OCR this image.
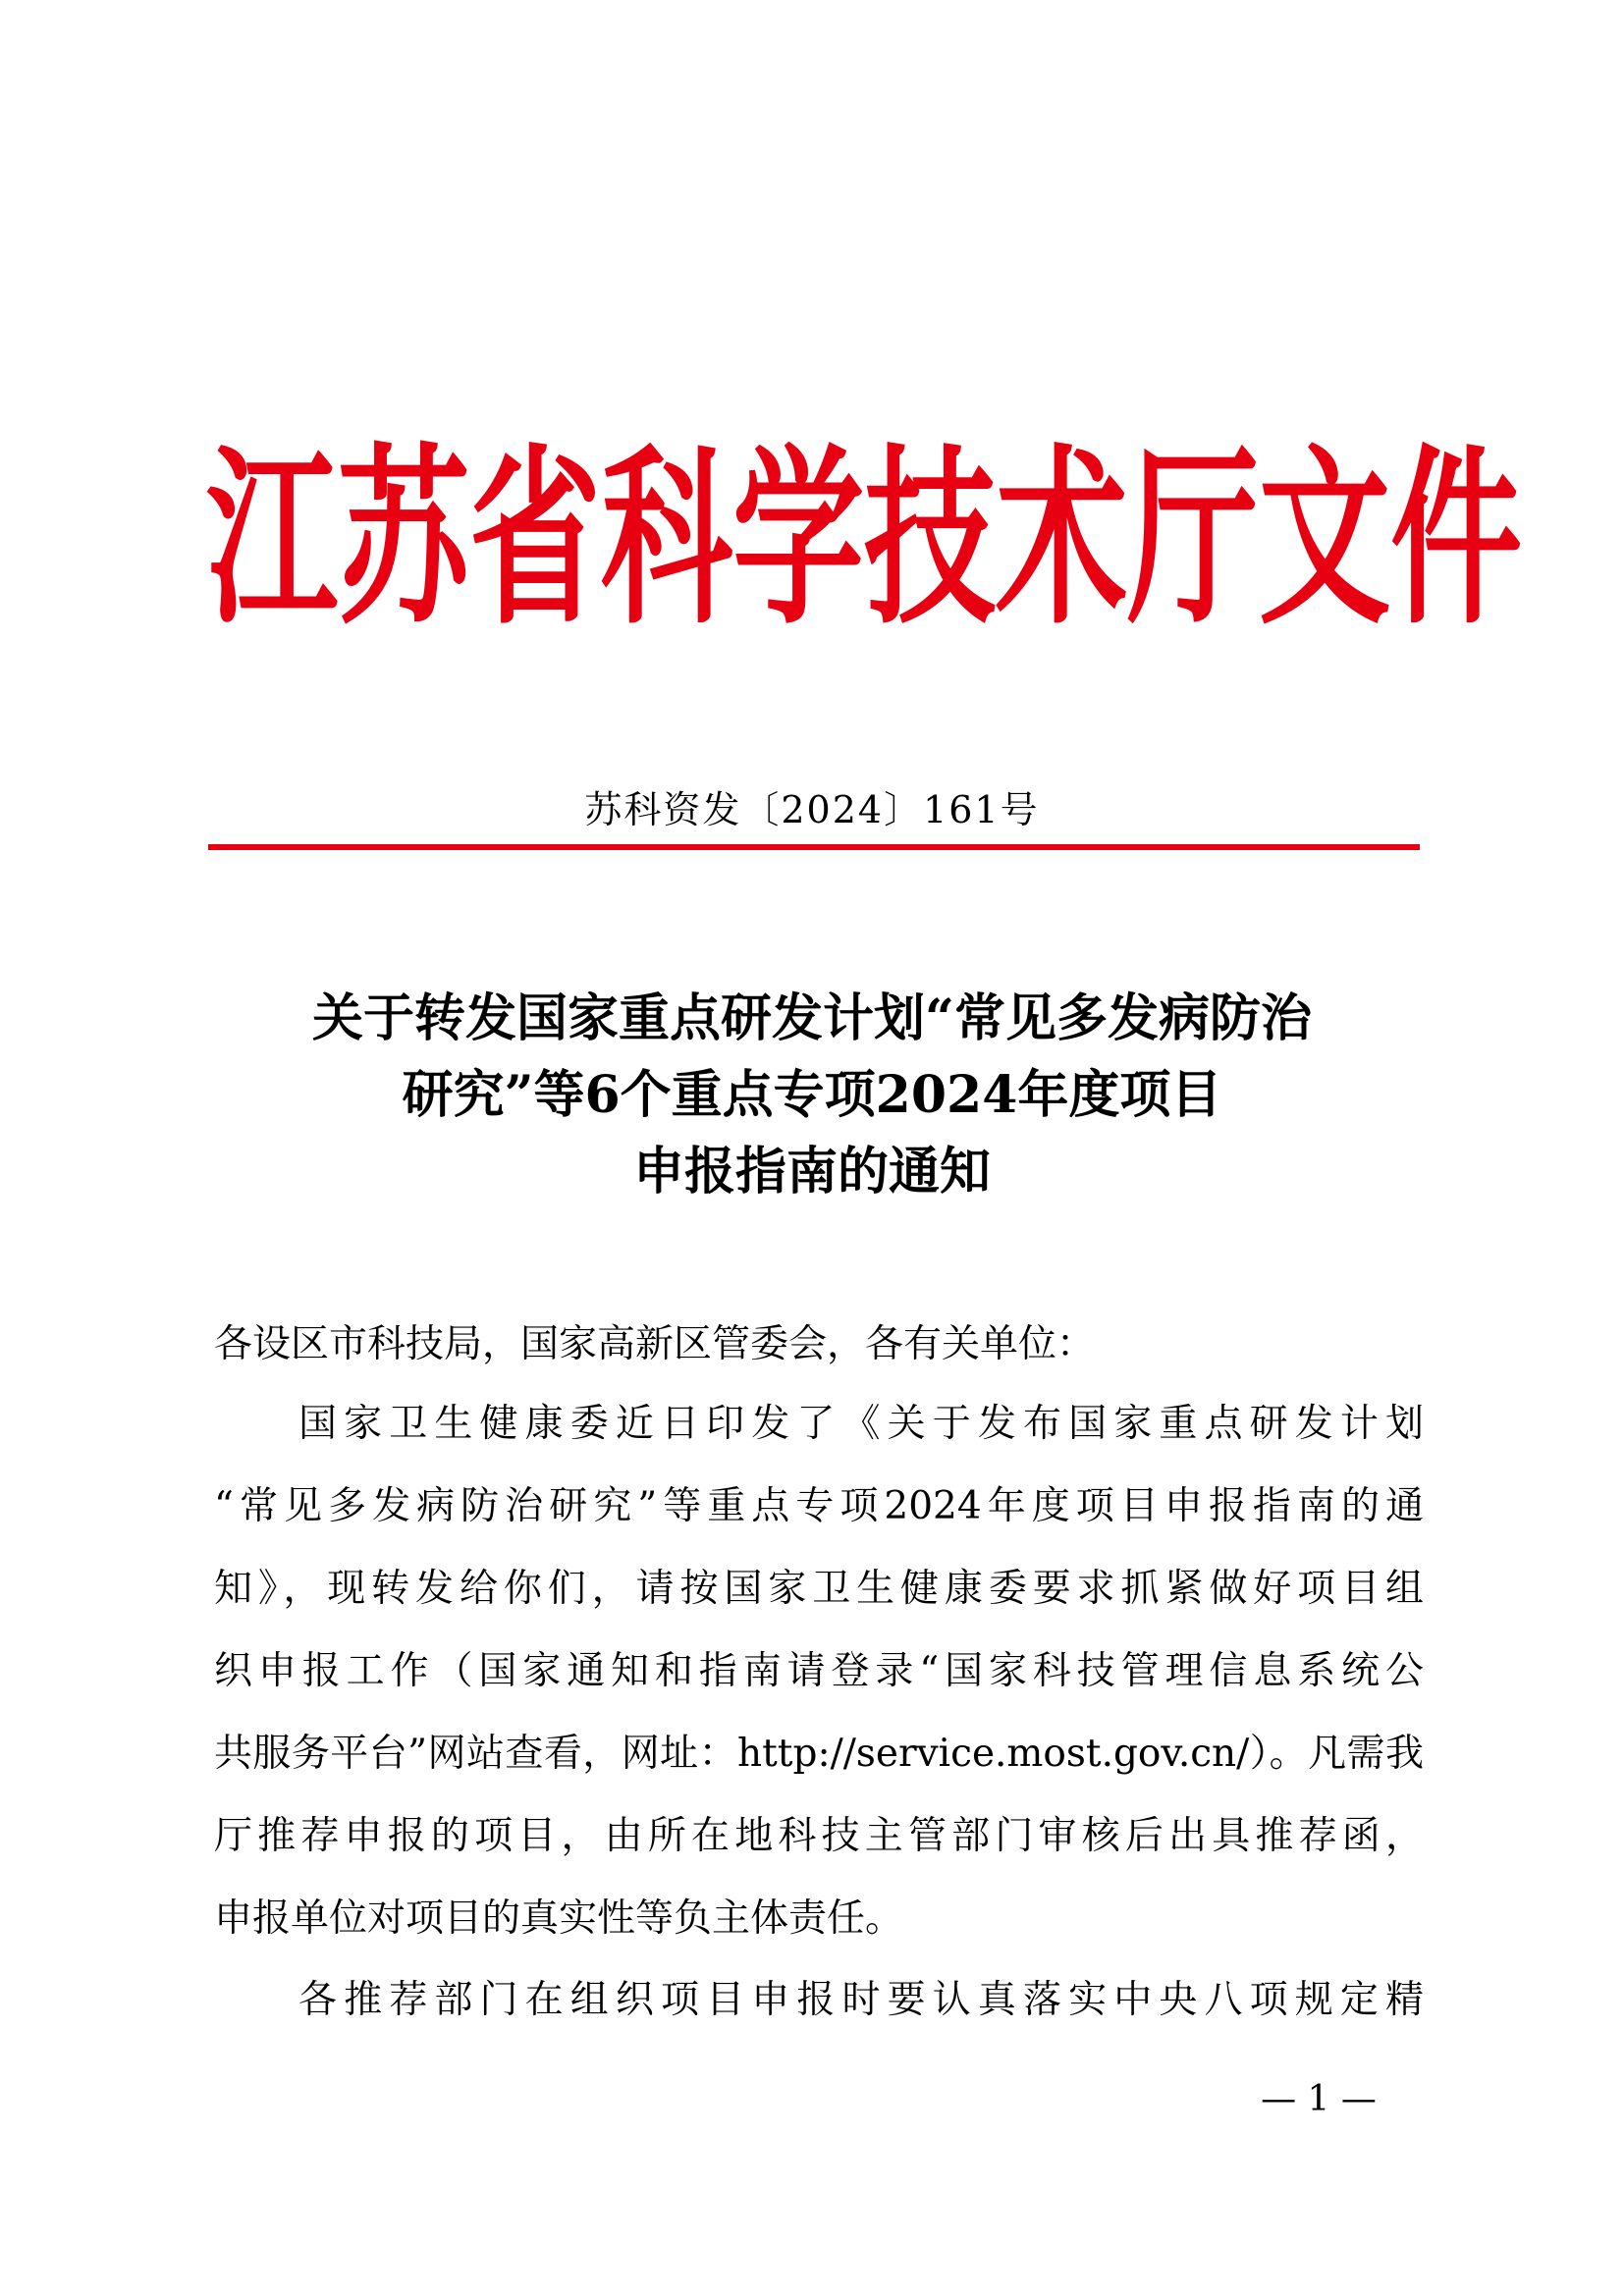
江 苏 省 科 学 技 术 厅 文 件
苏科资发〔2024〕161号
关于转发国家重点研发计划“常见多发病防治
研究”等6个重点专项2024年度项目
申报指南的通知
各设区市科技局，国家高新区管委会，各有关单位：
国家卫生健康委近日印发了《关于发布国家重点研发计划
“常见多发病防治研究”等重点专项2024年度项目申报指南的通
知》，现转发给你们，请按国家卫生健康委要求抓紧做好项目组
织申报工作（国家通知和指南请登录“国家科技管理信息系统公
共服务平台”网站查看，网址：http://service.most.gov.cn/）。凡需我
厅推荐申报的项目，由所在地科技主管部门审核后出具推荐函，
申报单位对项目的真实性等负主体责任。
各推荐部门在组织项目申报时要认真落实中央八项规定精
— 1 —
